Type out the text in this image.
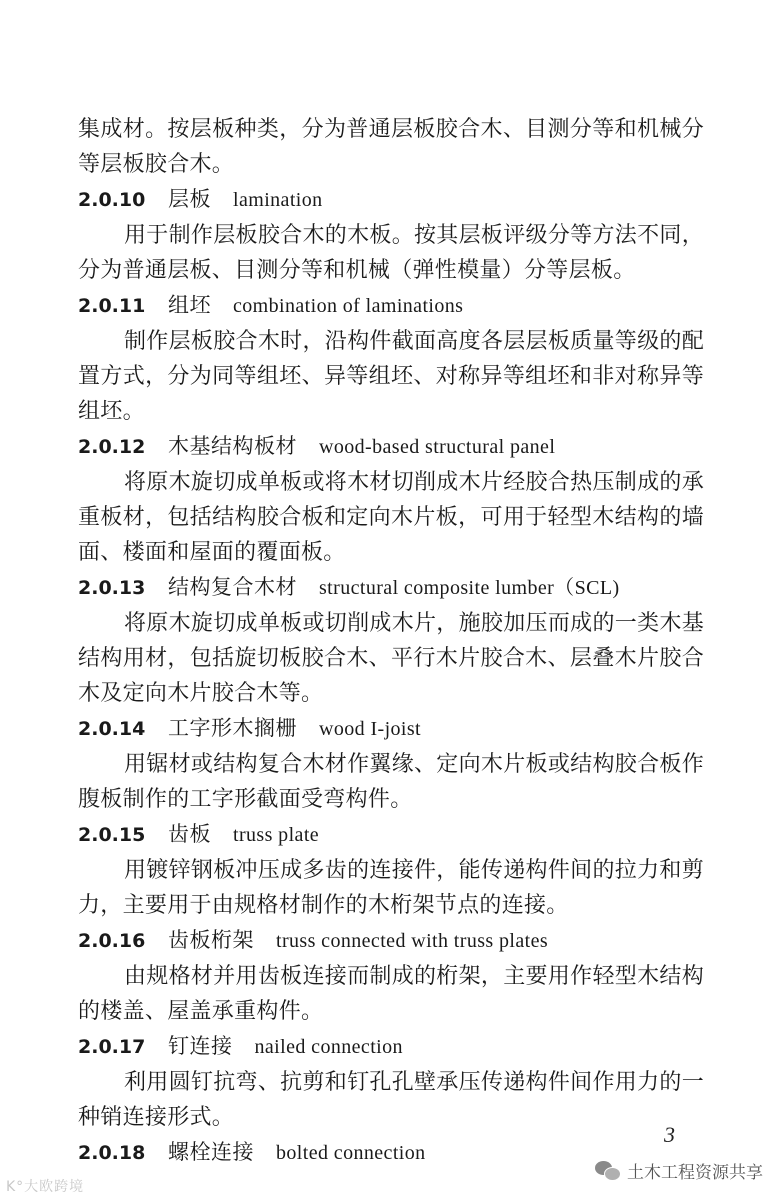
集成材。按层板种类，分为普通层板胶合木、目测分等和机械分等层板胶合木。

2.0.10 层板 lamination

用于制作层板胶合木的木板。按其层板评级分等方法不同，分为普通层板、目测分等和机械（弹性模量）分等层板。

2.0.11 组坯 combination of laminations

制作层板胶合木时，沿构件截面高度各层层板质量等级的配置方式，分为同等组坯、异等组坯、对称异等组坯和非对称异等组坯。

2.0.12 木基结构板材 wood-based structural panel

将原木旋切成单板或将木材切削成木片经胶合热压制成的承重板材，包括结构胶合板和定向木片板，可用于轻型木结构的墙面、楼面和屋面的覆面板。

2.0.13 结构复合木材 structural composite lumber（SCL)

将原木旋切成单板或切削成木片，施胶加压而成的一类木基结构用材，包括旋切板胶合木、平行木片胶合木、层叠木片胶合木及定向木片胶合木等。

2.0.14 工字形木搁栅 wood I-joist

用锯材或结构复合木材作翼缘、定向木片板或结构胶合板作腹板制作的工字形截面受弯构件。

2.0.15 齿板 truss plate

用镀锌钢板冲压成多齿的连接件，能传递构件间的拉力和剪力，主要用于由规格材制作的木桁架节点的连接。

2.0.16 齿板桁架 truss connected with truss plates

由规格材并用齿板连接而制成的桁架，主要用作轻型木结构的楼盖、屋盖承重构件。

2.0.17 钉连接 nailed connection

利用圆钉抗弯、抗剪和钉孔孔壁承压传递构件间作用力的一种销连接形式。

2.0.18 螺栓连接 bolted connection

3
K°大欧跨境
土木工程资源共享
